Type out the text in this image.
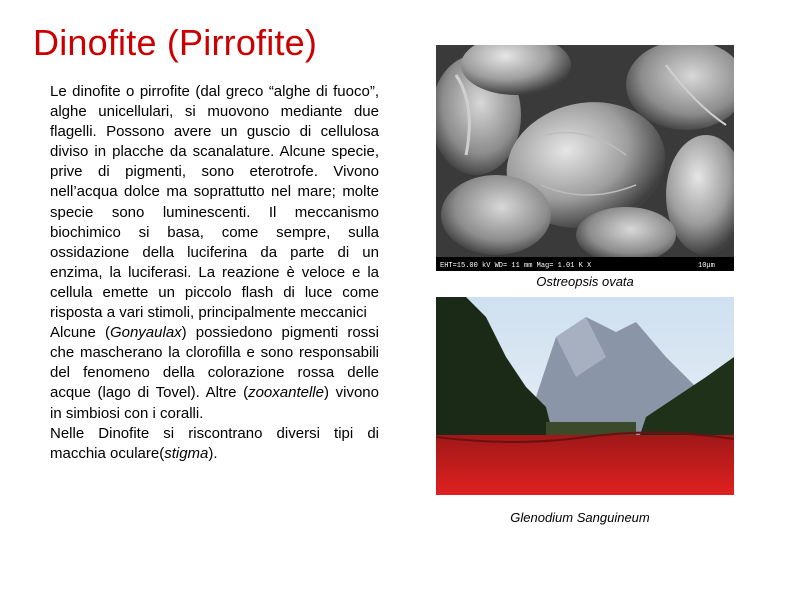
Dinofite (Pirrofite)

Le dinofite o pirrofite (dal greco “alghe di fuoco”, alghe unicellulari, si muovono mediante due flagelli. Possono avere un guscio di cellulosa diviso in placche da scanalature. Alcune specie, prive di pigmenti, sono eterotrofe. Vivono nell’acqua dolce ma soprattutto nel mare; molte specie sono luminescenti. Il meccanismo biochimico si basa, come sempre, sulla ossidazione della luciferina da parte di un enzima, la luciferasi. La reazione è veloce e la cellula emette un piccolo flash di luce come risposta a vari stimoli, principalmente meccanici

Alcune (Gonyaulax) possiedono pigmenti rossi che mascherano la clorofilla e sono responsabili del fenomeno della colorazione rossa delle acque (lago di Tovel). Altre (zooxantelle) vivono in simbiosi con i coralli.

Nelle Dinofite si riscontrano diversi tipi di macchia oculare(stigma).

EHT=15.00 kV WD= 11 mm Mag= 1.01 K X	10μm
Ostreopsis ovata
Glenodium Sanguineum
